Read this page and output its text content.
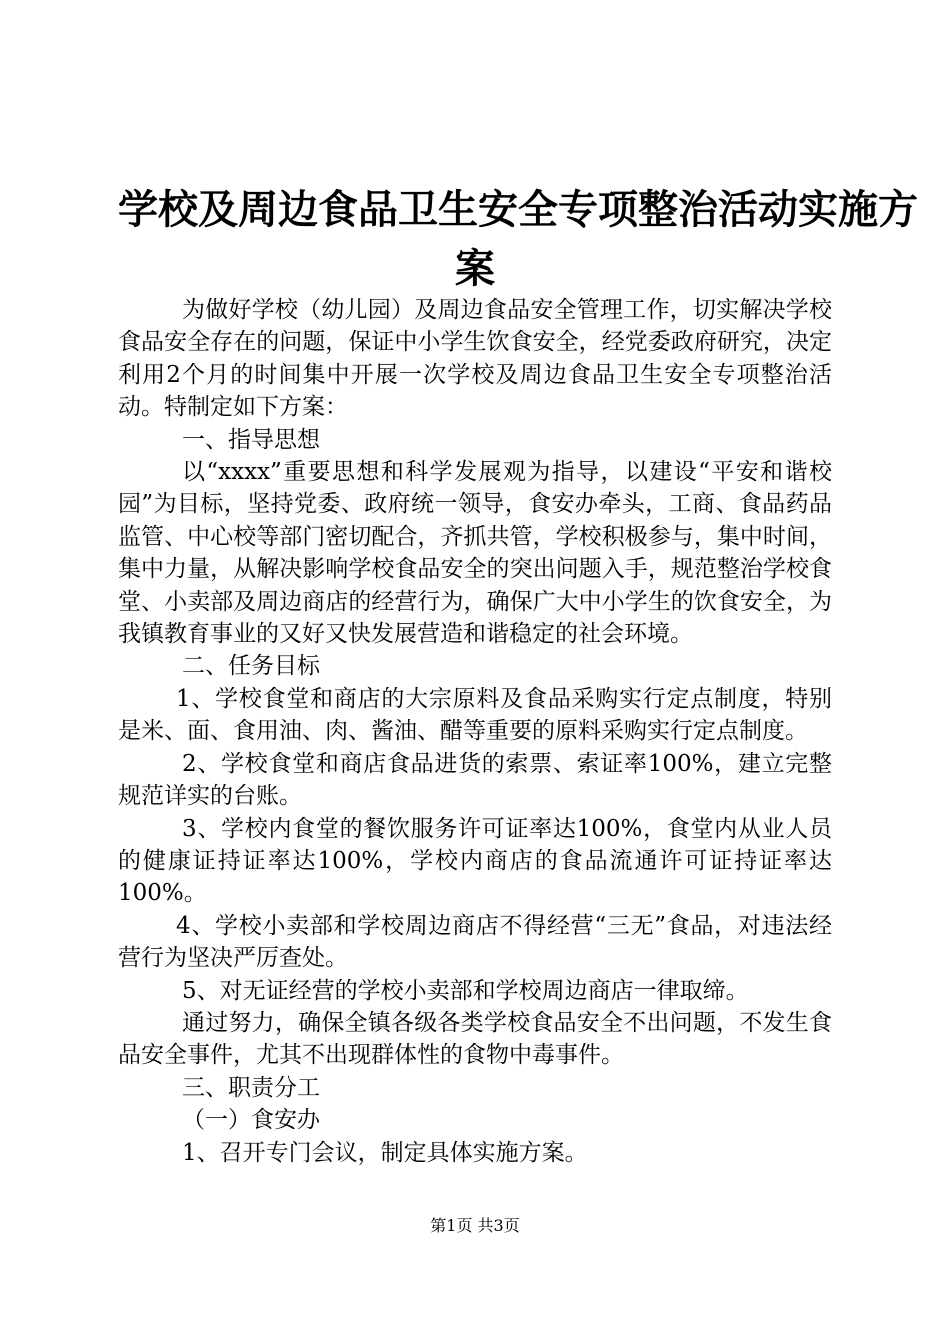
学校及周边食品卫生安全专项整治活动实施方
案

为做好学校（幼儿园）及周边食品安全管理工作，切实解决学校食品安全存在的问题，保证中小学生饮食安全，经党委政府研究，决定利用2个月的时间集中开展一次学校及周边食品卫生安全专项整治活动。特制定如下方案：

一、指导思想

以“xxxx”重要思想和科学发展观为指导，以建设“平安和谐校园”为目标，坚持党委、政府统一领导，食安办牵头，工商、食品药品监管、中心校等部门密切配合，齐抓共管，学校积极参与，集中时间，集中力量，从解决影响学校食品安全的突出问题入手，规范整治学校食堂、小卖部及周边商店的经营行为，确保广大中小学生的饮食安全，为我镇教育事业的又好又快发展营造和谐稳定的社会环境。

二、任务目标

1、学校食堂和商店的大宗原料及食品采购实行定点制度，特别是米、面、食用油、肉、酱油、醋等重要的原料采购实行定点制度。

2、学校食堂和商店食品进货的索票、索证率100%，建立完整规范详实的台账。

3、学校内食堂的餐饮服务许可证率达100%，食堂内从业人员的健康证持证率达100%，学校内商店的食品流通许可证持证率达100%。

4、学校小卖部和学校周边商店不得经营“三无”食品，对违法经营行为坚决严厉查处。

5、对无证经营的学校小卖部和学校周边商店一律取缔。

通过努力，确保全镇各级各类学校食品安全不出问题，不发生食品安全事件，尤其不出现群体性的食物中毒事件。

三、职责分工

（一）食安办

1、召开专门会议，制定具体实施方案。

第1页 共3页
